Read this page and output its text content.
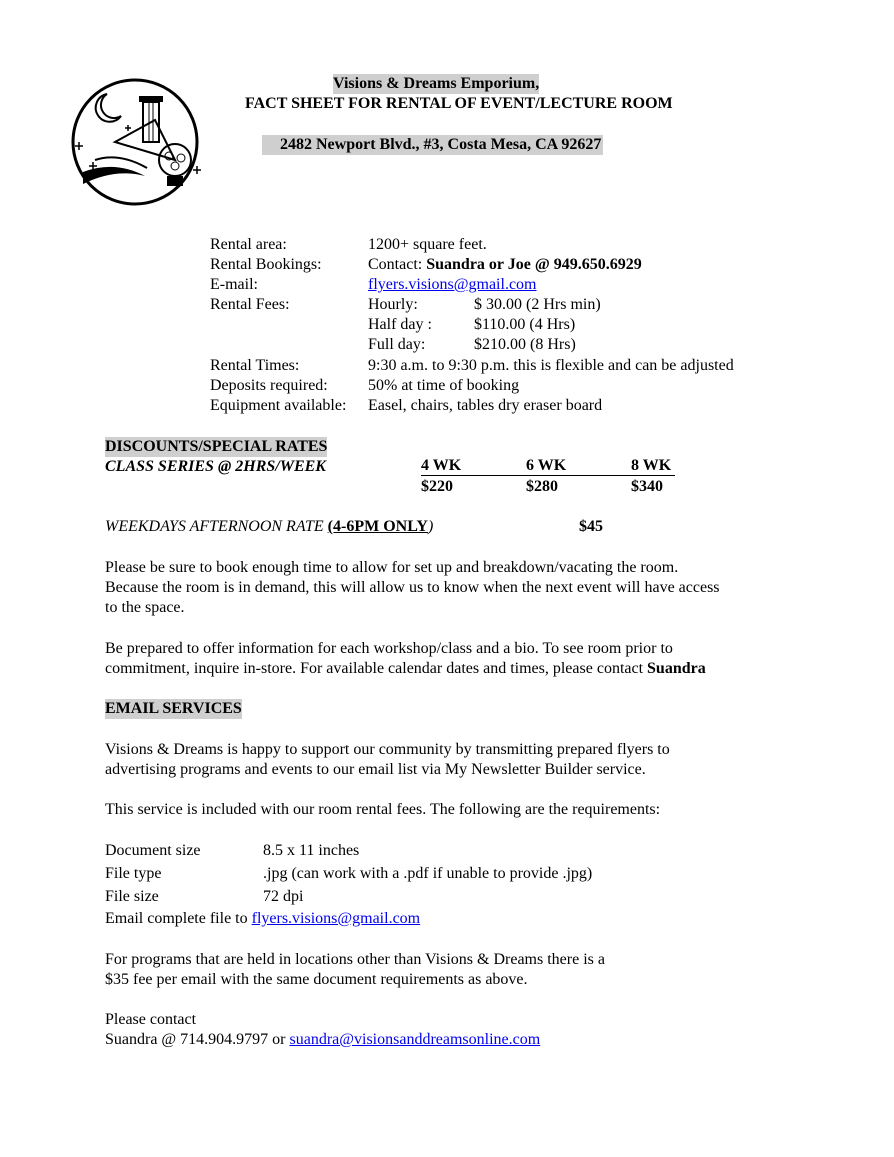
Visions & Dreams Emporium,
FACT SHEET FOR RENTAL OF EVENT/LECTURE ROOM
2482 Newport Blvd., #3, Costa Mesa, CA 92627
Rental area:	1200+ square feet.
Rental Bookings:	Contact: Suandra or Joe @ 949.650.6929
E-mail:	flyers.visions@gmail.com
Rental Fees:	Hourly:	$ 30.00 (2 Hrs min)
Half day :	$110.00 (4 Hrs)
Full day:	$210.00 (8 Hrs)
Rental Times:	9:30 a.m. to 9:30 p.m. this is flexible and can be adjusted
Deposits required:	50% at time of booking
Equipment available: Easel, chairs, tables dry eraser board
DISCOUNTS/SPECIAL RATES
CLASS SERIES @ 2HRS/WEEK	4 WK	6 WK	8 WK
$220	$280	$340
WEEKDAYS AFTERNOON RATE (4-6PM ONLY)	$45
Please be sure to book enough time to allow for set up and breakdown/vacating the room.
Because the room is in demand, this will allow us to know when the next event will have access
to the space.
Be prepared to offer information for each workshop/class and a bio. To see room prior to
commitment, inquire in-store. For available calendar dates and times, please contact Suandra
EMAIL SERVICES
Visions & Dreams is happy to support our community by transmitting prepared flyers to
advertising programs and events to our email list via My Newsletter Builder service.
This service is included with our room rental fees. The following are the requirements:
Document size	8.5 x 11 inches
File type	.jpg (can work with a .pdf if unable to provide .jpg)
File size	72 dpi
Email complete file to flyers.visions@gmail.com
For programs that are held in locations other than Visions & Dreams there is a
$35 fee per email with the same document requirements as above.
Please contact
Suandra @ 714.904.9797 or suandra@visionsanddreamsonline.com
